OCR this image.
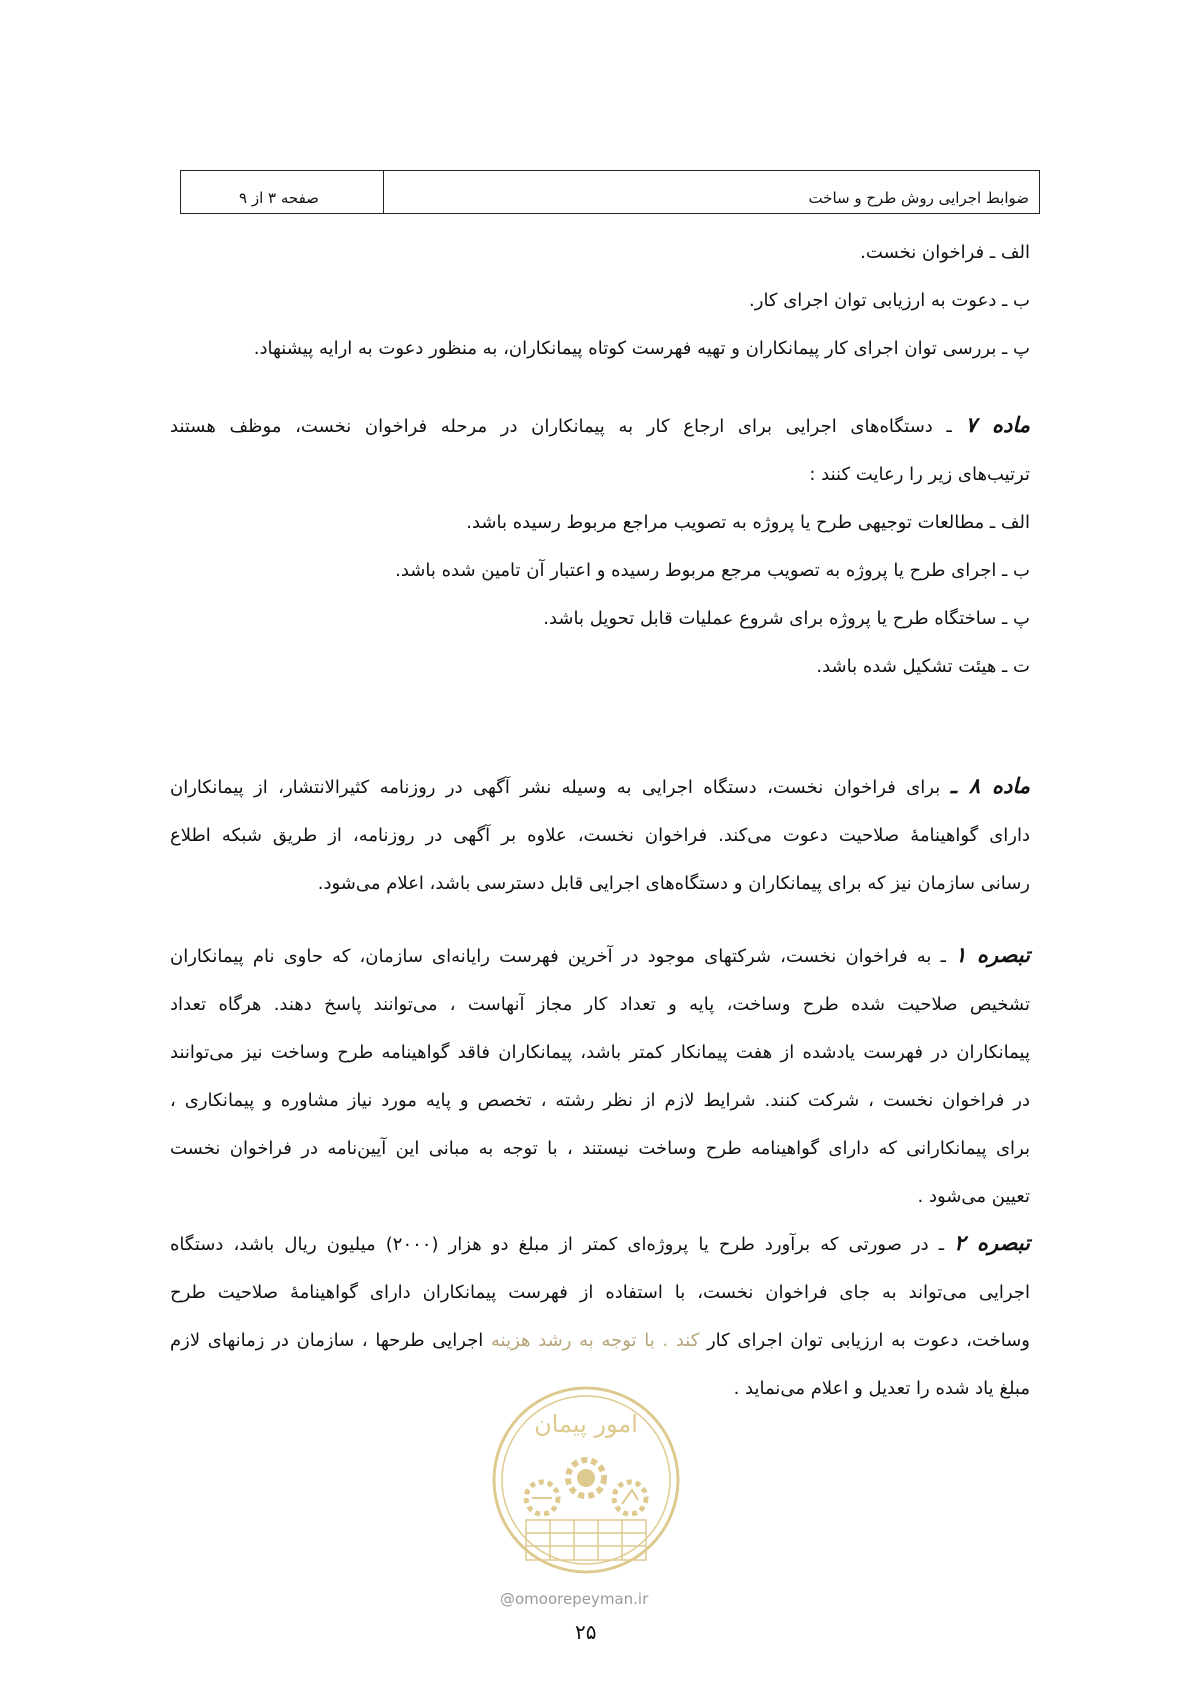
ضوابط اجرایی روش طرح و ساخت
صفحه ۳ از ۹
الف ـ فراخوان نخست.
ب ـ دعوت به ارزیابی توان اجرای کار.
پ ـ بررسی توان اجرای کار پیمانکاران و تهیه فهرست کوتاه پیمانکاران، به منظور دعوت به ارایه پیشنهاد.
ماده ۷ ـ دستگاه‌های اجرایی برای ارجاع کار به پیمانکاران در مرحله فراخوان نخست، موظف هستند
ترتیب‌های زیر را رعایت کنند :
الف ـ مطالعات توجیهی طرح یا پروژه به تصویب مراجع مربوط رسیده باشد.
ب ـ اجرای طرح یا پروژه به تصویب مرجع مربوط رسیده و اعتبار آن تامین شده باشد.
پ ـ ساختگاه طرح یا پروژه برای شروع عملیات قابل تحویل باشد.
ت ـ هیئت تشکیل شده باشد.
ماده ۸ ـ برای فراخوان نخست، دستگاه اجرایی به وسیله نشر آگهی در روزنامه کثیرالانتشار، از پیمانکاران
دارای گواهینامهٔ صلاحیت دعوت می‌کند. فراخوان نخست، علاوه بر آگهی در روزنامه، از طریق شبکه اطلاع
رسانی سازمان نیز که برای پیمانکاران و دستگاه‌های اجرایی قابل دسترسی باشد، اعلام می‌شود.
تبصره ۱ ـ به فراخوان نخست، شرکتهای موجود در آخرین فهرست رایانه‌ای سازمان، که حاوی نام پیمانکاران
تشخیص صلاحیت شده طرح وساخت، پایه و تعداد کار مجاز آنهاست ، می‌توانند پاسخ دهند. هرگاه تعداد
پیمانکاران در فهرست یادشده از هفت پیمانکار کمتر باشد، پیمانکاران فاقد گواهینامه طرح وساخت نیز می‌توانند
در فراخوان نخست ، شرکت کنند. شرایط لازم از نظر رشته ، تخصص و پایه مورد نیاز مشاوره و پیمانکاری ،
برای پیمانکارانی که دارای گواهینامه طرح وساخت نیستند ، با توجه به مبانی این آیین‌نامه در فراخوان نخست
تعیین می‌شود .
تبصره ۲ ـ در صورتی که برآورد طرح یا پروژه‌ای کمتر از مبلغ دو هزار (۲۰۰۰) میلیون ریال باشد، دستگاه
اجرایی می‌تواند به جای فراخوان نخست، با استفاده از فهرست پیمانکاران دارای گواهینامهٔ صلاحیت طرح
وساخت، دعوت به ارزیابی توان اجرای کار کند . با توجه به رشد هزینه اجرایی طرحها ، سازمان در زمانهای لازم
مبلغ یاد شده را تعدیل و اعلام می‌نماید .
امور پیمان
@omoorepeyman.ir
۲۵
